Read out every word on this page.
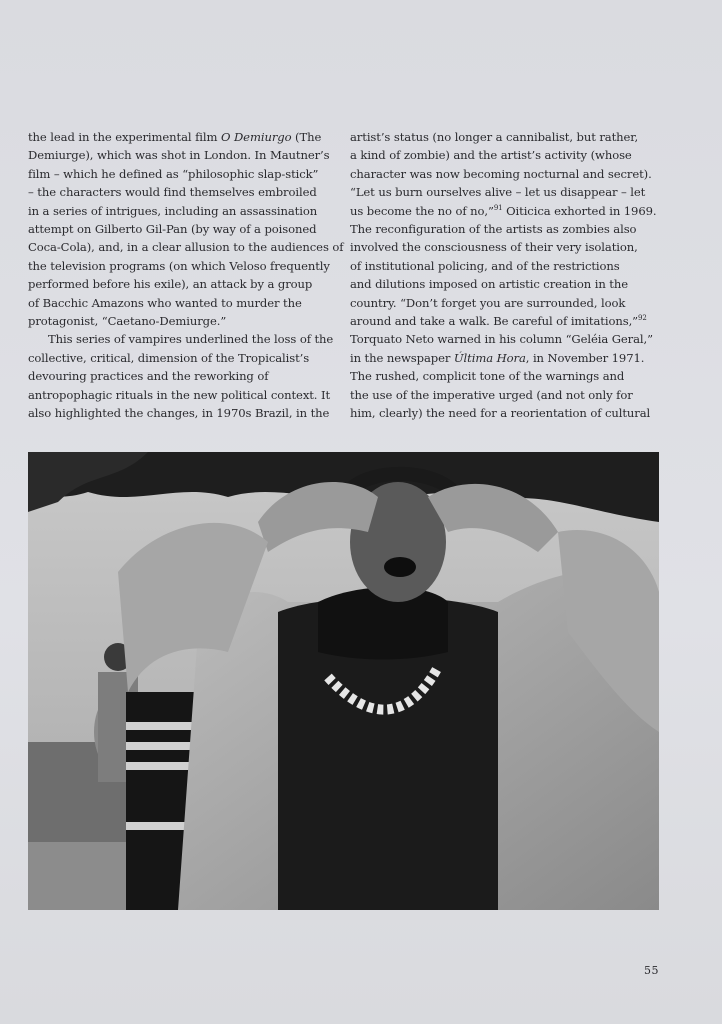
the lead in the experimental film O Demiurgo (The
Demiurge), which was shot in London. In Mautner’s
film – which he defined as “philosophic slap-stick”
– the characters would find themselves embroiled
in a series of intrigues, including an assassination
attempt on Gilberto Gil-Pan (by way of a poisoned
Coca-Cola), and, in a clear allusion to the audiences of
the television programs (on which Veloso frequently
performed before his exile), an attack by a group
of Bacchic Amazons who wanted to murder the
protagonist, “Caetano-Demiurge.”

This series of vampires underlined the loss of the
collective, critical, dimension of the Tropicalist’s
devouring practices and the reworking of
antropophagic rituals in the new political context. It
also highlighted the changes, in 1970s Brazil, in the

artist’s status (no longer a cannibalist, but rather,
a kind of zombie) and the artist’s activity (whose
character was now becoming nocturnal and secret).
“Let us burn ourselves alive – let us disappear – let
us become the no of no,”$^{91}$ Oiticica exhorted in 1969.
The reconfiguration of the artists as zombies also
involved the consciousness of their very isolation,
of institutional policing, and of the restrictions
and dilutions imposed on artistic creation in the
country. “Don’t forget you are surrounded, look
around and take a walk. Be careful of imitations,”$^{92}$
Torquato Neto warned in his column “Geléia Geral,”
in the newspaper Última Hora, in November 1971.
The rushed, complicit tone of the warnings and
the use of the imperative urged (and not only for
him, clearly) the need for a reorientation of cultural

55
